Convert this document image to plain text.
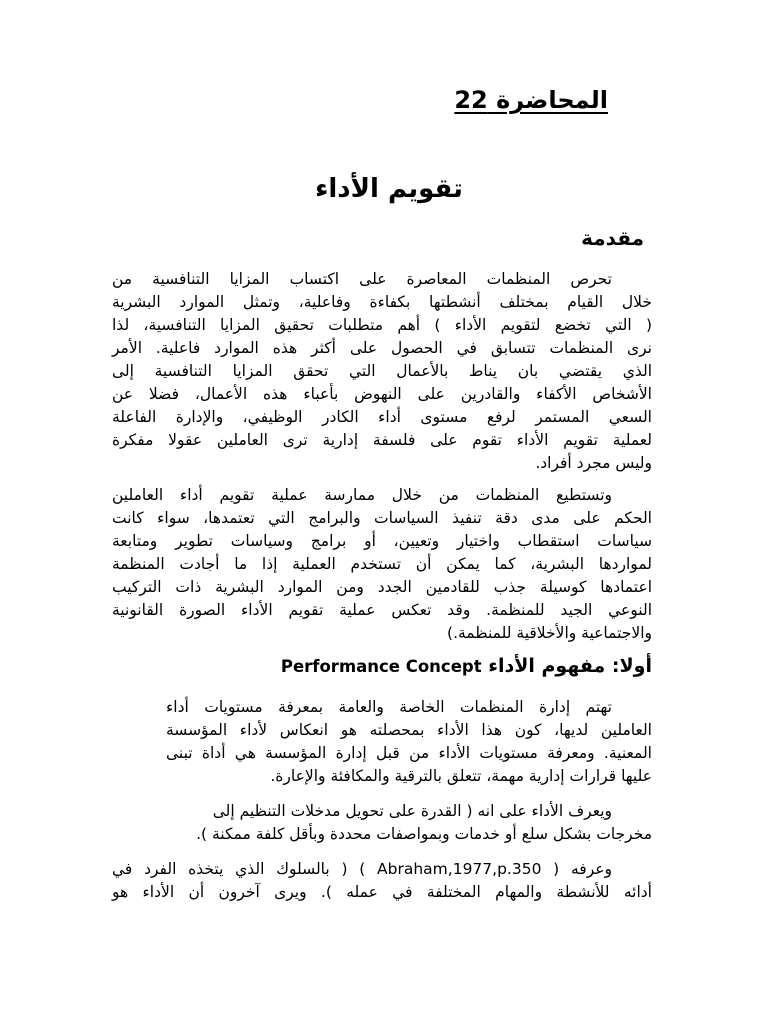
المحاضرة 22
تقويم الأداء
مقدمة
تحرص المنظمات المعاصرة على اكتساب المزايا التنافسية من
خلال القيام بمختلف أنشطتها بكفاءة وفاعلية، وتمثل الموارد البشرية
( التي تخضع لتقويم الأداء ) أهم متطلبات تحقيق المزايا التنافسية، لذا
نرى المنظمات تتسابق في الحصول على أكثر هذه الموارد فاعلية. الأمر
الذي يقتضي بان يناط بالأعمال التي تحقق المزايا التنافسية إلى
الأشخاص الأكفاء والقادرين على النهوض بأعباء هذه الأعمال، فضلا عن
السعي المستمر لرفع مستوى أداء الكادر الوظيفي، والإدارة الفاعلة
لعملية تقويم الأداء تقوم على فلسفة إدارية ترى العاملين عقولا مفكرة
وليس مجرد أفراد.
وتستطيع المنظمات من خلال ممارسة عملية تقويم أداء العاملين
الحكم على مدى دقة تنفيذ السياسات والبرامج التي تعتمدها، سواء كانت
سياسات استقطاب واختيار وتعيين، أو برامج وسياسات تطوير ومتابعة
لمواردها البشرية، كما يمكن أن تستخدم العملية إذا ما أجادت المنظمة
اعتمادها كوسيلة جذب للقادمين الجدد ومن الموارد البشرية ذات التركيب
النوعي الجيد للمنظمة. وقد تعكس عملية تقويم الأداء الصورة القانونية
والاجتماعية والأخلاقية للمنظمة.)
أولا: مفهوم الأداء Performance Concept
تهتم إدارة المنظمات الخاصة والعامة بمعرفة مستويات أداء
العاملين لديها، كون هذا الأداء بمحصلته هو انعكاس لأداء المؤسسة
المعنية. ومعرفة مستويات الأداء من قبل إدارة المؤسسة هي أداة تبنى
عليها قرارات إدارية مهمة، تتعلق بالترقية والمكافئة والإعارة.
ويعرف الأداء على انه ( القدرة على تحويل مدخلات التنظيم إلى
مخرجات بشكل سلع أو خدمات وبمواصفات محددة وبأقل كلفة ممكنة ).
وعرفه ( Abraham,1977,p.350 ) ( بالسلوك الذي يتخذه الفرد في
أدائه للأنشطة والمهام المختلفة في عمله ). ويرى آخرون أن الأداء هو
